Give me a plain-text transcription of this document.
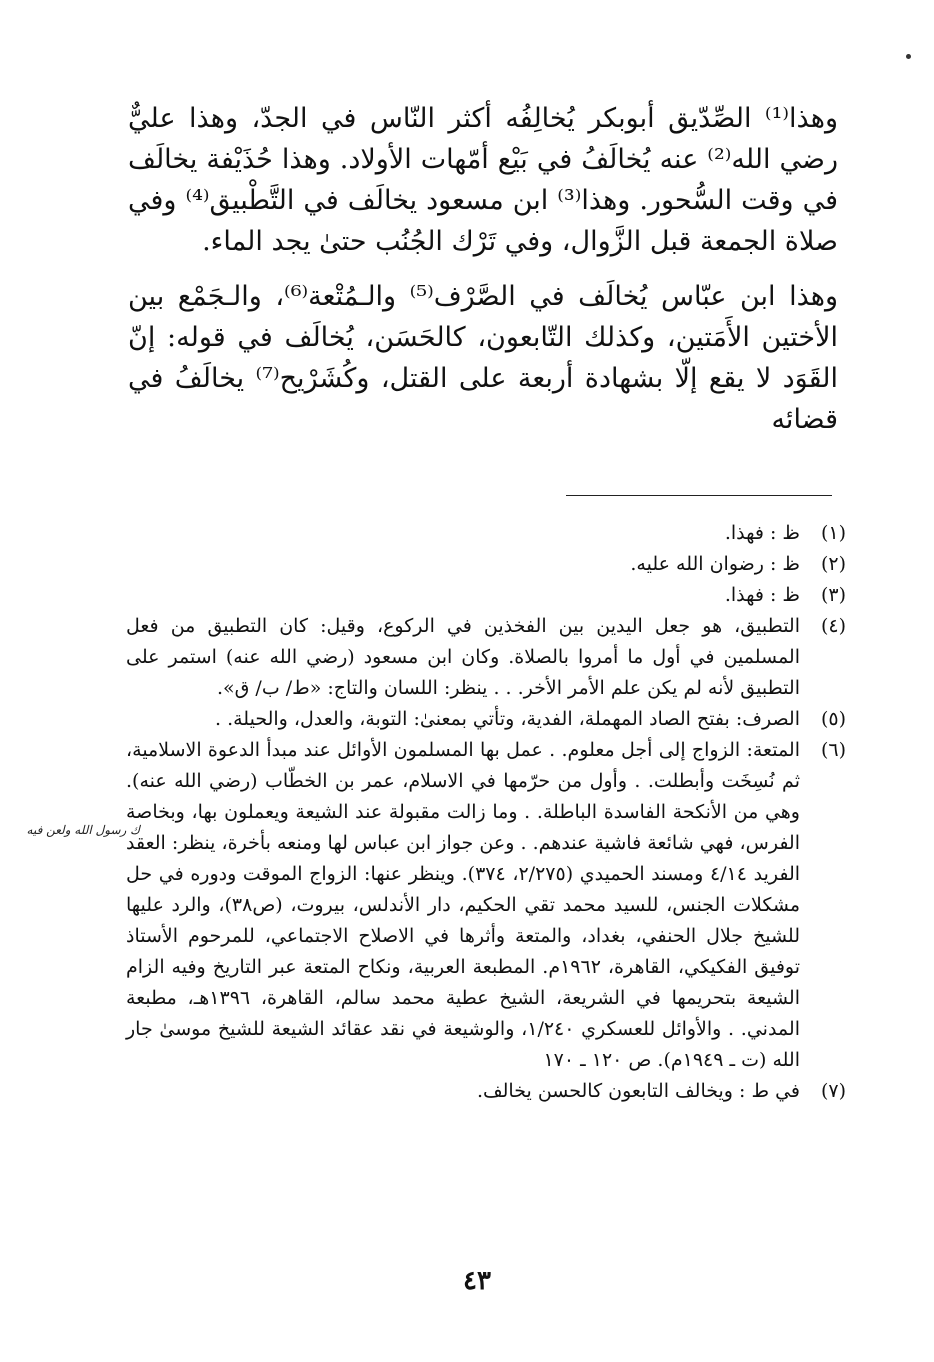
وهذا⁽¹⁾ الصِّدّيق أبوبكر يُخالِفُه أكثر النّاس في الجدّ، وهذا عليٌّ رضي الله⁽²⁾ عنه يُخالَفُ في بَيْع أمّهات الأولاد. وهذا حُذَيْفة يخالَف في وقت السُّحور. وهذا⁽³⁾ ابن مسعود يخالَف في التَّطْبيق⁽⁴⁾ وفي صلاة الجمعة قبل الزَّوال، وفي تَرْك الجُنُب حتىٰ يجد الماء.

وهذا ابن عبّاس يُخالَف في الصَّرْف⁽⁵⁾ والـمُتْعة⁽⁶⁾، والـجَمْع بين الأختين الأَمَتين، وكذلك التّابعون، كالحَسَن، يُخالَف في قوله: إنّ القَوَد لا يقع إلّا بشهادة أربعة على القتل، وكُشَرْيح⁽⁷⁾ يخالَفُ في قضائه

(١)
ظ : فهذا.
(٢)
ظ : رضوان الله عليه.
(٣)
ظ : فهذا.
(٤)
التطبيق، هو جعل اليدين بين الفخذين في الركوع، وقيل: كان التطبيق من فعل المسلمين في أول ما أمروا بالصلاة. وكان ابن مسعود (رضي الله عنه) استمر على التطبيق لأنه لم يكن علم الأمر الأخر. . . ينظر: اللسان والتاج: «ط/ ب/ ق».
(٥)
الصرف: بفتح الصاد المهملة، الفدية، وتأتي بمعنىٰ: التوبة، والعدل، والحيلة. .
(٦)
المتعة: الزواج إلى أجل معلوم. . عمل بها المسلمون الأوائل عند مبدأ الدعوة الاسلامية، ثم نُسِخَت وأبطلت. . وأول من حرّمها في الاسلام، عمر بن الخطّاب (رضي الله عنه). وهي من الأنكحة الفاسدة الباطلة. . وما زالت مقبولة عند الشيعة ويعملون بها، وبخاصة الفرس، فهي شائعة فاشية عندهم. . وعن جواز ابن عباس لها ومنعه بأخرة، ينظر: العقد الفريد ٤/١٤ ومسند الحميدي (٢/٢٧٥، ٣٧٤). وينظر عنها: الزواج الموقت ودوره في حل مشكلات الجنس، للسيد محمد تقي الحكيم، دار الأندلس، بيروت، (ص٣٨)، والرد عليها للشيخ جلال الحنفي، بغداد، والمتعة وأثرها في الاصلاح الاجتماعي، للمرحوم الأستاذ توفيق الفكيكي، القاهرة، ١٩٦٢م. المطبعة العربية، ونكاح المتعة عبر التاريخ وفيه الزام الشيعة بتحريمها في الشريعة، الشيخ عطية محمد سالم، القاهرة، ١٣٩٦هـ، مطبعة المدني. . والأوائل للعسكري ١/٢٤٠، والوشيعة في نقد عقائد الشيعة للشيخ موسىٰ جار الله (ت ـ ١٩٤٩م). ص ١٢٠ ـ ١٧٠
(٧)
في ط : ويخالف التابعون كالحسن يخالف.
ك رسول الله ولعن فيه
٤٣
